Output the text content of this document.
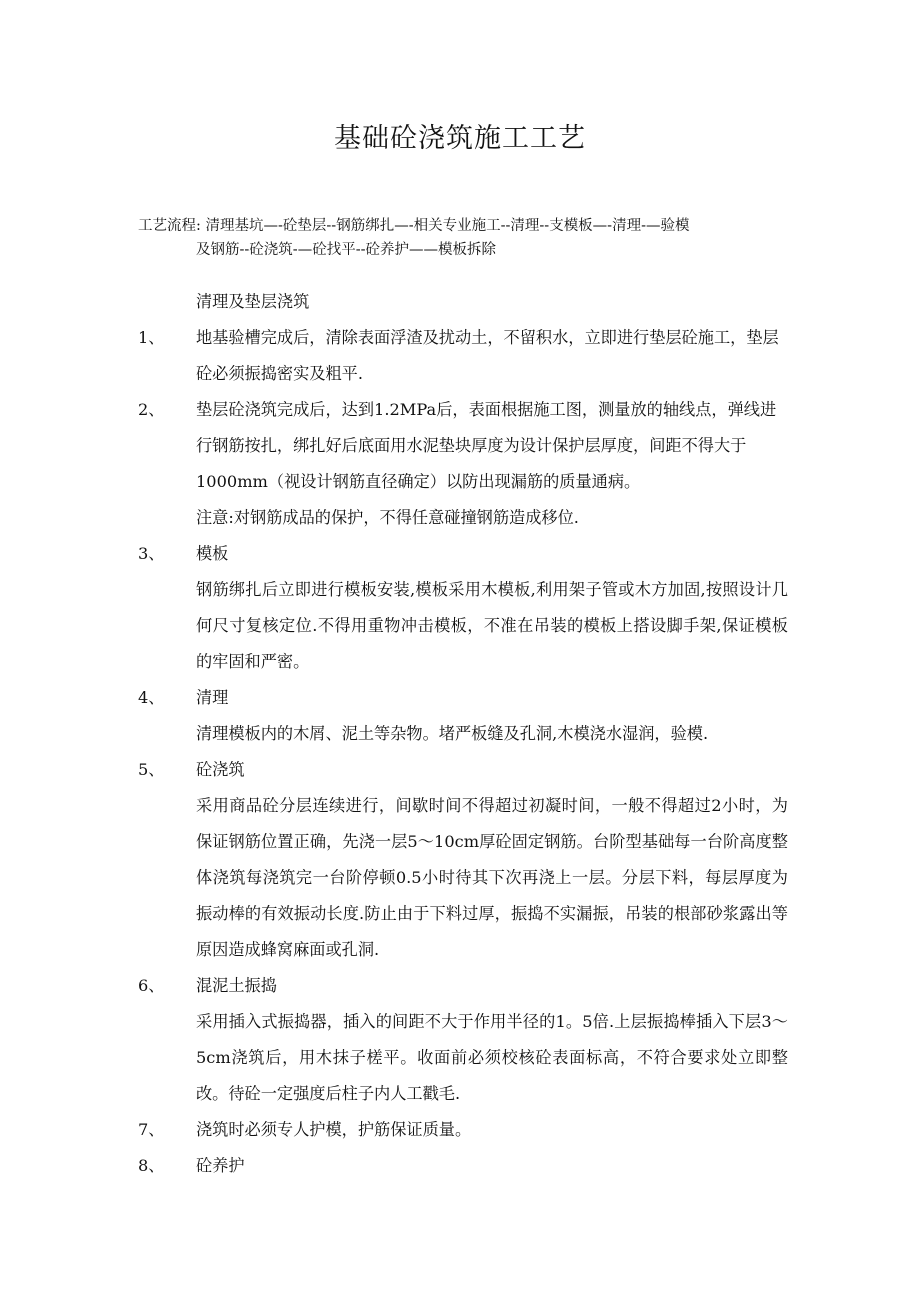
基础砼浇筑施工工艺
工艺流程: 清理基坑—-砼垫层--钢筋绑扎—-相关专业施工--清理--支模板—-清理-—验模
及钢筋--砼浇筑-—砼找平--砼养护——模板拆除
清理及垫层浇筑
1、	地基验槽完成后，清除表面浮渣及扰动土，不留积水，立即进行垫层砼施工，垫层砼必须振捣密实及粗平.
2、	垫层砼浇筑完成后，达到1.2MPa后，表面根据施工图，测量放的轴线点，弹线进行钢筋按扎，绑扎好后底面用水泥垫块厚度为设计保护层厚度，间距不得大于1000mm（视设计钢筋直径确定）以防出现漏筋的质量通病。
注意:对钢筋成品的保护，不得任意碰撞钢筋造成移位.
3、	模板
钢筋绑扎后立即进行模板安装,模板采用木模板,利用架子管或木方加固,按照设计几何尺寸复核定位.不得用重物冲击模板，不准在吊装的模板上搭设脚手架,保证模板的牢固和严密。
4、	清理
清理模板内的木屑、泥土等杂物。堵严板缝及孔洞,木模浇水湿润，验模.
5、	砼浇筑
采用商品砼分层连续进行，间歇时间不得超过初凝时间，一般不得超过2小时，为保证钢筋位置正确，先浇一层5～10cm厚砼固定钢筋。台阶型基础每一台阶高度整体浇筑每浇筑完一台阶停顿0.5小时待其下次再浇上一层。分层下料，每层厚度为振动棒的有效振动长度.防止由于下料过厚，振捣不实漏振，吊装的根部砂浆露出等原因造成蜂窝麻面或孔洞.
6、	混泥土振捣
采用插入式振捣器，插入的间距不大于作用半径的1。5倍.上层振捣棒插入下层3～5cm浇筑后，用木抹子槎平。收面前必须校核砼表面标高，不符合要求处立即整改。待砼一定强度后柱子内人工戳毛.
7、	浇筑时必须专人护模，护筋保证质量。
8、	砼养护
